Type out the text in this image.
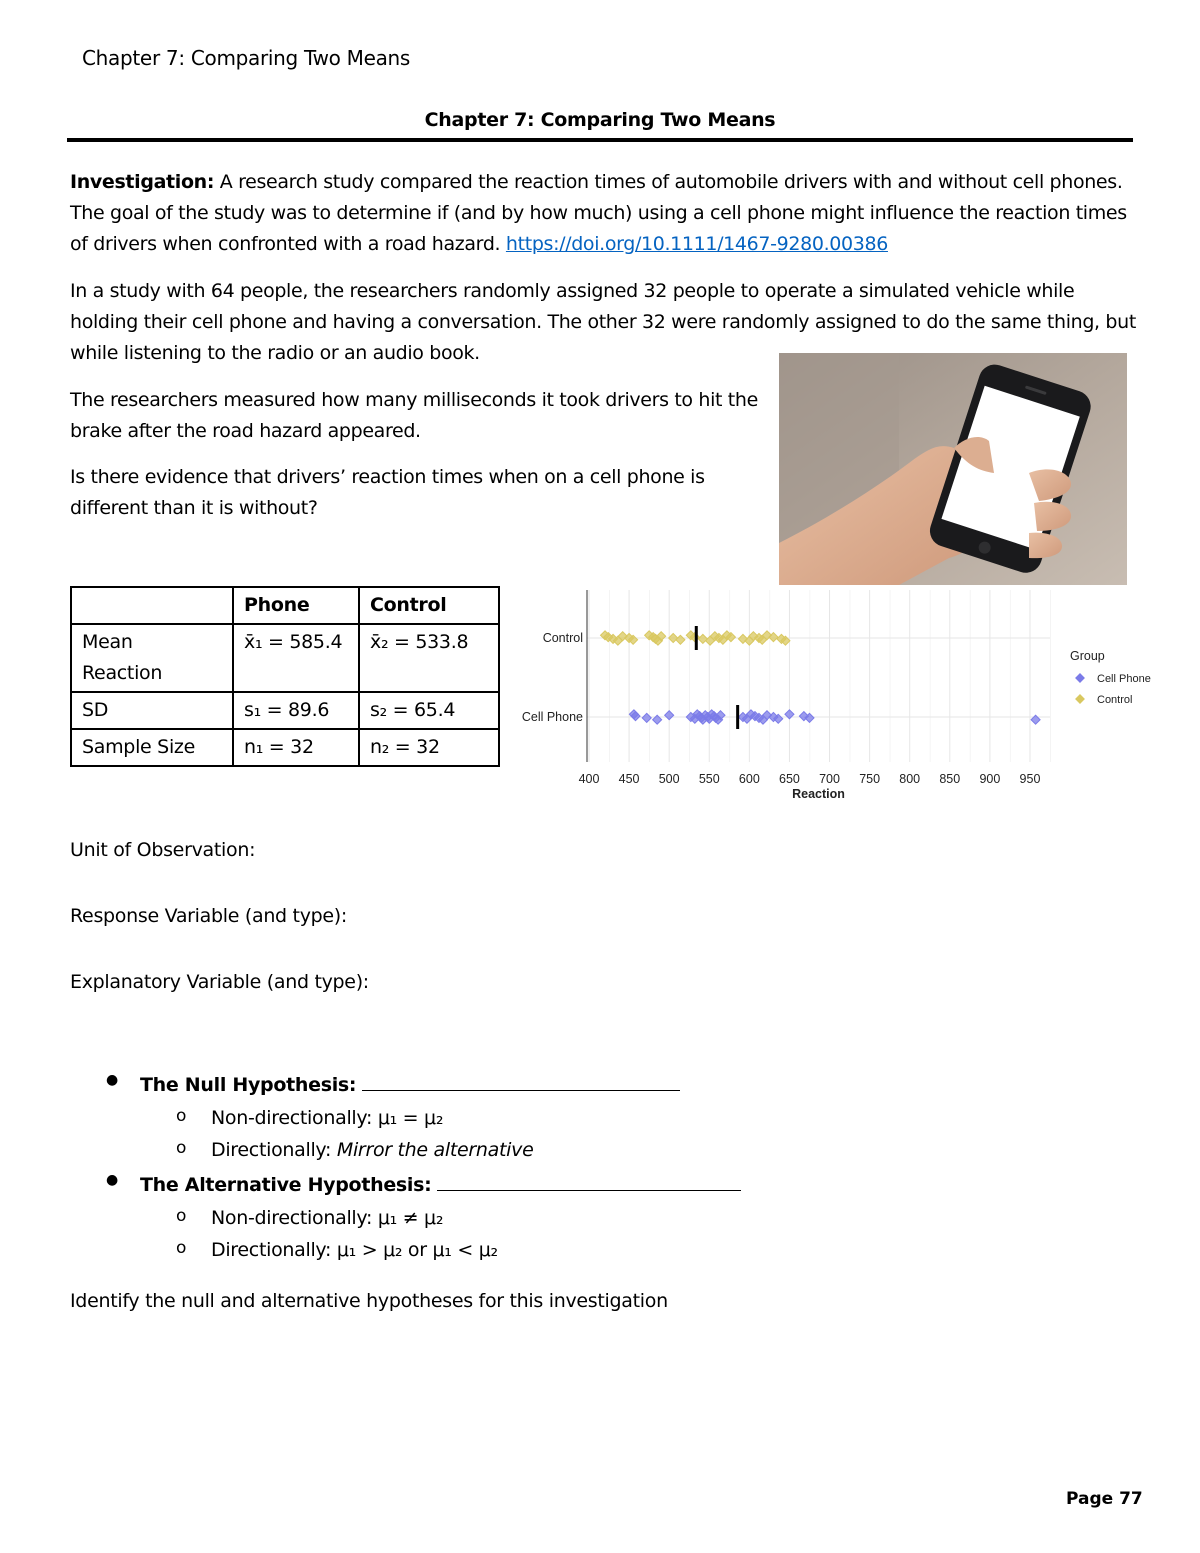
Chapter 7: Comparing Two Means
Chapter 7: Comparing Two Means
Investigation: A research study compared the reaction times of automobile drivers with and without cell phones. The goal of the study was to determine if (and by how much) using a cell phone might influence the reaction times of drivers when confronted with a road hazard. https://doi.org/10.1111/1467-9280.00386
In a study with 64 people, the researchers randomly assigned 32 people to operate a simulated vehicle while holding their cell phone and having a conversation. The other 32 were randomly assigned to do the same thing, but while listening to the radio or an audio book.
The researchers measured how many milliseconds it took drivers to hit the brake after the road hazard appeared.
Is there evidence that drivers’ reaction times when on a cell phone is different than it is without?
	Phone	Control

Mean
Reaction	x̄₁ = 585.4	x̄₂ = 533.8
SD	s₁ = 89.6	s₂ = 65.4
Sample Size	n₁ = 32	n₂ = 32
400 450 500 550 600 650 700 750 800 850 900 950
Reaction
Control
Cell Phone
Group
Cell Phone
Control
Unit of Observation:
Response Variable (and type):
Explanatory Variable (and type):
● The Null Hypothesis:
o Non-directionally: μ₁ = μ₂
o Directionally: Mirror the alternative
● The Alternative Hypothesis:
o Non-directionally: μ₁ ≠ μ₂
o Directionally: μ₁ > μ₂ or μ₁ < μ₂
Identify the null and alternative hypotheses for this investigation
Page 77
